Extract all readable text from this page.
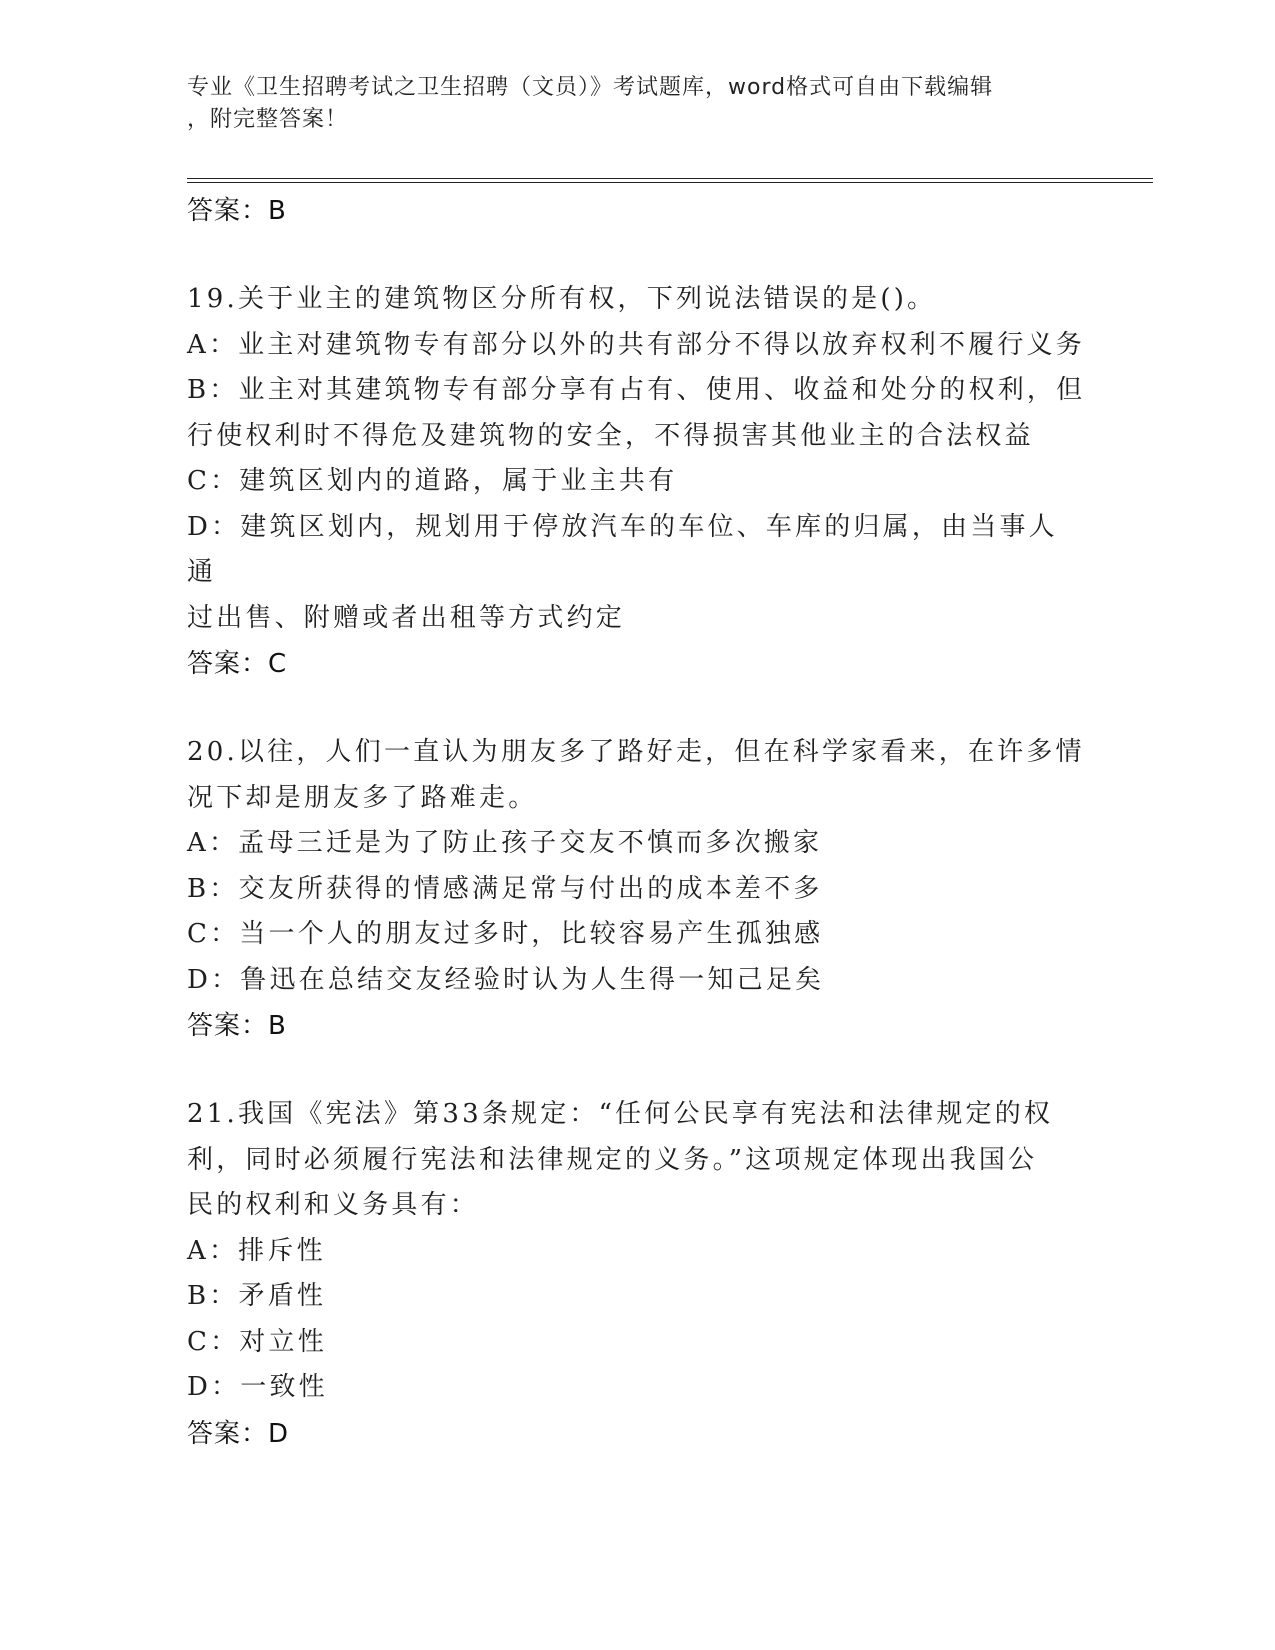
专业《卫生招聘考试之卫生招聘（文员）》考试题库，word格式可自由下载编辑
，附完整答案！
答案：B

19.关于业主的建筑物区分所有权，下列说法错误的是()。

A：业主对建筑物专有部分以外的共有部分不得以放弃权利不履行义务

B：业主对其建筑物专有部分享有占有、使用、收益和处分的权利，但

行使权利时不得危及建筑物的安全，不得损害其他业主的合法权益

C：建筑区划内的道路，属于业主共有

D：建筑区划内，规划用于停放汽车的车位、车库的归属，由当事人通

过出售、附赠或者出租等方式约定

答案：C

20.以往，人们一直认为朋友多了路好走，但在科学家看来，在许多情

况下却是朋友多了路难走。

A：孟母三迁是为了防止孩子交友不慎而多次搬家

B：交友所获得的情感满足常与付出的成本差不多

C：当一个人的朋友过多时，比较容易产生孤独感

D：鲁迅在总结交友经验时认为人生得一知己足矣

答案：B

21.我国《宪法》第33条规定：“任何公民享有宪法和法律规定的权

利，同时必须履行宪法和法律规定的义务。”这项规定体现出我国公

民的权利和义务具有：

A：排斥性

B：矛盾性

C：对立性

D：一致性

答案：D
